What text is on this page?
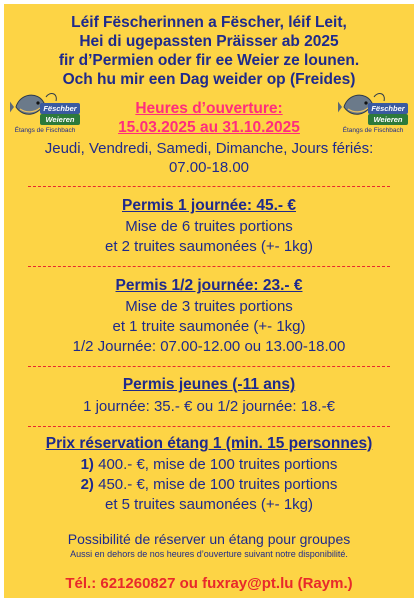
Léif Fëscherinnen a Fëscher, léif Leit,
Hei di ugepassten Präisser ab 2025
fir d’Permien oder fir ee Weier ze lounen.
Och hu mir een Dag weider op (Freides)
Fëschber
Weieren
Étangs de Fischbach
Fëschber
Weieren
Étangs de Fischbach
Heures d’ouverture:
15.03.2025 au 31.10.2025
Jeudi, Vendredi, Samedi, Dimanche, Jours fériés:
07.00-18.00
Permis 1 journée: 45.- €
Mise de 6 truites portions
et 2 truites saumonées (+- 1kg)
Permis 1/2 journée: 23.- €
Mise de 3 truites portions
et 1 truite saumonée (+- 1kg)
1/2 Journée: 07.00-12.00 ou 13.00-18.00
Permis jeunes (-11 ans)
1 journée: 35.- € ou 1/2 journée: 18.-€
Prix réservation étang 1 (min. 15 personnes)
1) 400.- €, mise de 100 truites portions
2) 450.- €, mise de 100 truites portions
et 5 truites saumonées (+- 1kg)
Possibilité de réserver un étang pour groupes
Aussi en dehors de nos heures d’ouverture suivant notre disponibilité.
Tél.: 621260827 ou fuxray@pt.lu (Raym.)
